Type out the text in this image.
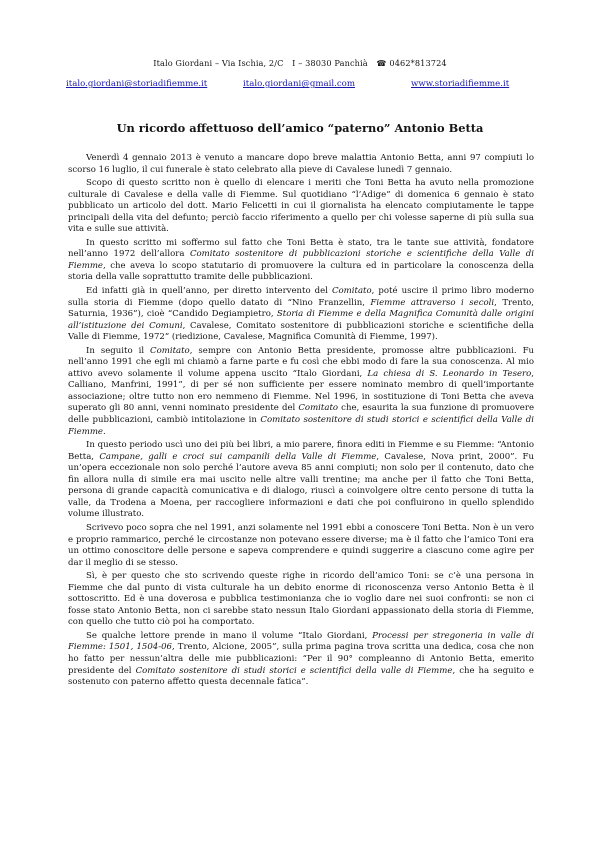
Italo Giordani – Via Ischia, 2/C I – 38030 Panchià ☎ 0462*813724
italo.giordani@storiadifiemme.it	italo.giordani@gmail.com	www.storiadifiemme.it
Un ricordo affettuoso dell’amico “paterno” Antonio Betta

Venerdì 4 gennaio 2013 è venuto a mancare dopo breve malattia Antonio Betta, anni 97 compiuti lo scorso 16 luglio, il cui funerale è stato celebrato alla pieve di Cavalese lunedì 7 gennaio.

Scopo di questo scritto non è quello di elencare i meriti che Toni Betta ha avuto nella promozione culturale di Cavalese e della valle di Fiemme. Sul quotidiano “l’Adige” di domenica 6 gennaio è stato pubblicato un articolo del dott. Mario Felicetti in cui il giornalista ha elencato compiutamente le tappe principali della vita del defunto; perciò faccio riferimento a quello per chi volesse saperne di più sulla sua vita e sulle sue attività.

In questo scritto mi soffermo sul fatto che Toni Betta è stato, tra le tante sue attività, fondatore nell’anno 1972 dell’allora Comitato sostenitore di pubblicazioni storiche e scientifiche della Valle di Fiemme, che aveva lo scopo statutario di promuovere la cultura ed in particolare la conoscenza della storia della valle soprattutto tramite delle pubblicazioni.

Ed infatti già in quell’anno, per diretto intervento del Comitato, poté uscire il primo libro moderno sulla storia di Fiemme (dopo quello datato di “Nino Franzellin, Fiemme attraverso i secoli, Trento, Saturnia, 1936”), cioè “Candido Degiampietro, Storia di Fiemme e della Magnifica Comunità dalle origini all’istituzione dei Comuni, Cavalese, Comitato sostenitore di pubblicazioni storiche e scientifiche della Valle di Fiemme, 1972” (riedizione, Cavalese, Magnifica Comunità di Fiemme, 1997).

In seguito il Comitato, sempre con Antonio Betta presidente, promosse altre pubblicazioni. Fu nell’anno 1991 che egli mi chiamò a farne parte e fu così che ebbi modo di fare la sua conoscenza. Al mio attivo avevo solamente il volume appena uscito “Italo Giordani, La chiesa di S. Leonardo in Tesero, Calliano, Manfrini, 1991”, di per sé non sufficiente per essere nominato membro di quell’importante associazione; oltre tutto non ero nemmeno di Fiemme. Nel 1996, in sostituzione di Toni Betta che aveva superato gli 80 anni, venni nominato presidente del Comitato che, esaurita la sua funzione di promuovere delle pubblicazioni, cambiò intitolazione in Comitato sostenitore di studi storici e scientifici della Valle di Fiemme.

In questo periodo uscì uno dei più bei libri, a mio parere, finora editi in Fiemme e su Fiemme: “Antonio Betta, Campane, galli e croci sui campanili della Valle di Fiemme, Cavalese, Nova print, 2000”. Fu un’opera eccezionale non solo perché l’autore aveva 85 anni compiuti; non solo per il contenuto, dato che fin allora nulla di simile era mai uscito nelle altre valli trentine; ma anche per il fatto che Toni Betta, persona di grande capacità comunicativa e di dialogo, riuscì a coinvolgere oltre cento persone di tutta la valle, da Trodena a Moena, per raccogliere informazioni e dati che poi confluirono in quello splendido volume illustrato.

Scrivevo poco sopra che nel 1991, anzi solamente nel 1991 ebbi a conoscere Toni Betta. Non è un vero e proprio rammarico, perché le circostanze non potevano essere diverse; ma è il fatto che l’amico Toni era un ottimo conoscitore delle persone e sapeva comprendere e quindi suggerire a ciascuno come agire per dar il meglio di se stesso.

Sì, è per questo che sto scrivendo queste righe in ricordo dell’amico Toni: se c’è una persona in Fiemme che dal punto di vista culturale ha un debito enorme di riconoscenza verso Antonio Betta è il sottoscritto. Ed è una doverosa e pubblica testimonianza che io voglio dare nei suoi confronti: se non ci fosse stato Antonio Betta, non ci sarebbe stato nessun Italo Giordani appassionato della storia di Fiemme, con quello che tutto ciò poi ha comportato.

Se qualche lettore prende in mano il volume “Italo Giordani, Processi per stregoneria in valle di Fiemme: 1501, 1504-06, Trento, Alcione, 2005”, sulla prima pagina trova scritta una dedica, cosa che non ho fatto per nessun’altra delle mie pubblicazioni: “Per il 90° compleanno di Antonio Betta, emerito presidente del Comitato sostenitore di studi storici e scientifici della valle di Fiemme, che ha seguito e sostenuto con paterno affetto questa decennale fatica”.
